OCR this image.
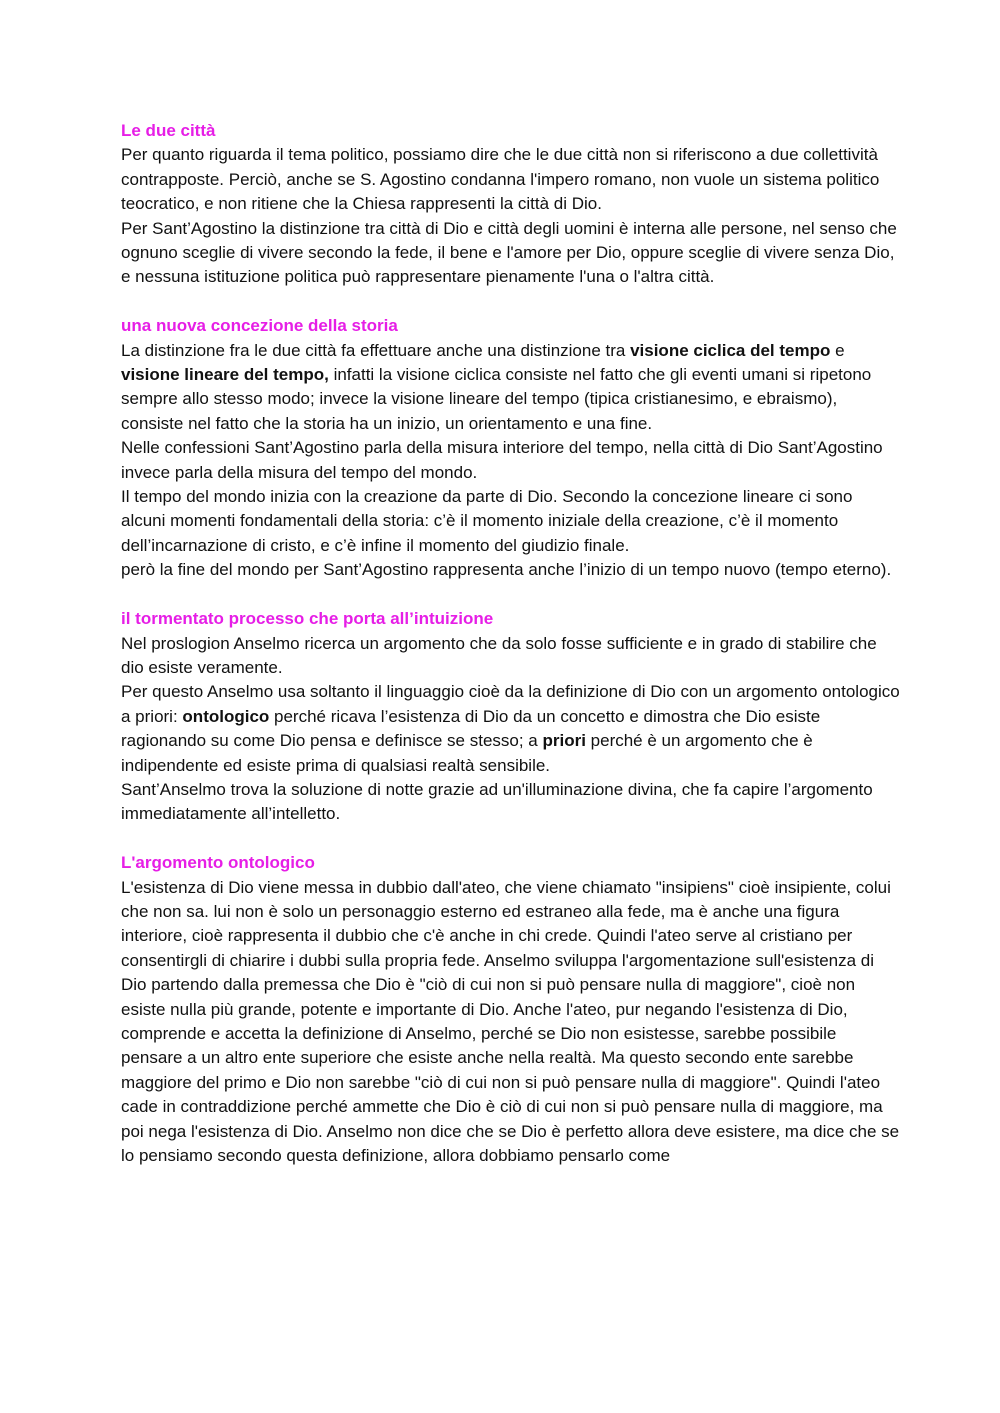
Le due città

Per quanto riguarda il tema politico, possiamo dire che le due città non si riferiscono a due collettività contrapposte. Perciò, anche se S. Agostino condanna l'impero romano, non vuole un sistema politico teocratico, e non ritiene che la Chiesa rappresenti la città di Dio.

Per Sant’Agostino la distinzione tra città di Dio e città degli uomini è interna alle persone, nel senso che ognuno sceglie di vivere secondo la fede, il bene e l'amore per Dio, oppure sceglie di vivere senza Dio, e nessuna istituzione politica può rappresentare pienamente l'una o l'altra città.

una nuova concezione della storia

La distinzione fra le due città fa effettuare anche una distinzione tra visione ciclica del tempo e visione lineare del tempo, infatti la visione ciclica consiste nel fatto che gli eventi umani si ripetono sempre allo stesso modo; invece la visione lineare del tempo (tipica cristianesimo, e ebraismo), consiste nel fatto che la storia ha un inizio, un orientamento e una fine.

Nelle confessioni Sant’Agostino parla della misura interiore del tempo, nella città di Dio Sant’Agostino invece parla della misura del tempo del mondo.

Il tempo del mondo inizia con la creazione da parte di Dio. Secondo la concezione lineare ci sono alcuni momenti fondamentali della storia: c’è il momento iniziale della creazione, c’è il momento dell’incarnazione di cristo, e c’è infine il momento del giudizio finale.

però la fine del mondo per Sant’Agostino rappresenta anche l’inizio di un tempo nuovo (tempo eterno).

il tormentato processo che porta all’intuizione

Nel proslogion Anselmo ricerca un argomento che da solo fosse sufficiente e in grado di stabilire che dio esiste veramente.

Per questo Anselmo usa soltanto il linguaggio cioè da la definizione di Dio con un argomento ontologico a priori: ontologico perché ricava l’esistenza di Dio da un concetto e dimostra che Dio esiste ragionando su come Dio pensa e definisce se stesso; a priori perché è un argomento che è indipendente ed esiste prima di qualsiasi realtà sensibile.

Sant’Anselmo trova la soluzione di notte grazie ad un'illuminazione divina, che fa capire l’argomento immediatamente all’intelletto.

L'argomento ontologico

L'esistenza di Dio viene messa in dubbio dall'ateo, che viene chiamato "insipiens" cioè insipiente, colui che non sa. lui non è solo un personaggio esterno ed estraneo alla fede, ma è anche una figura interiore, cioè rappresenta il dubbio che c'è anche in chi crede. Quindi l'ateo serve al cristiano per consentirgli di chiarire i dubbi sulla propria fede. Anselmo sviluppa l'argomentazione sull'esistenza di Dio partendo dalla premessa che Dio è "ciò di cui non si può pensare nulla di maggiore", cioè non esiste nulla più grande, potente e importante di Dio. Anche l'ateo, pur negando l'esistenza di Dio, comprende e accetta la definizione di Anselmo, perché se Dio non esistesse, sarebbe possibile pensare a un altro ente superiore che esiste anche nella realtà. Ma questo secondo ente sarebbe maggiore del primo e Dio non sarebbe "ciò di cui non si può pensare nulla di maggiore". Quindi l'ateo cade in contraddizione perché ammette che Dio è ciò di cui non si può pensare nulla di maggiore, ma poi nega l'esistenza di Dio. Anselmo non dice che se Dio è perfetto allora deve esistere, ma dice che se lo pensiamo secondo questa definizione, allora dobbiamo pensarlo come
